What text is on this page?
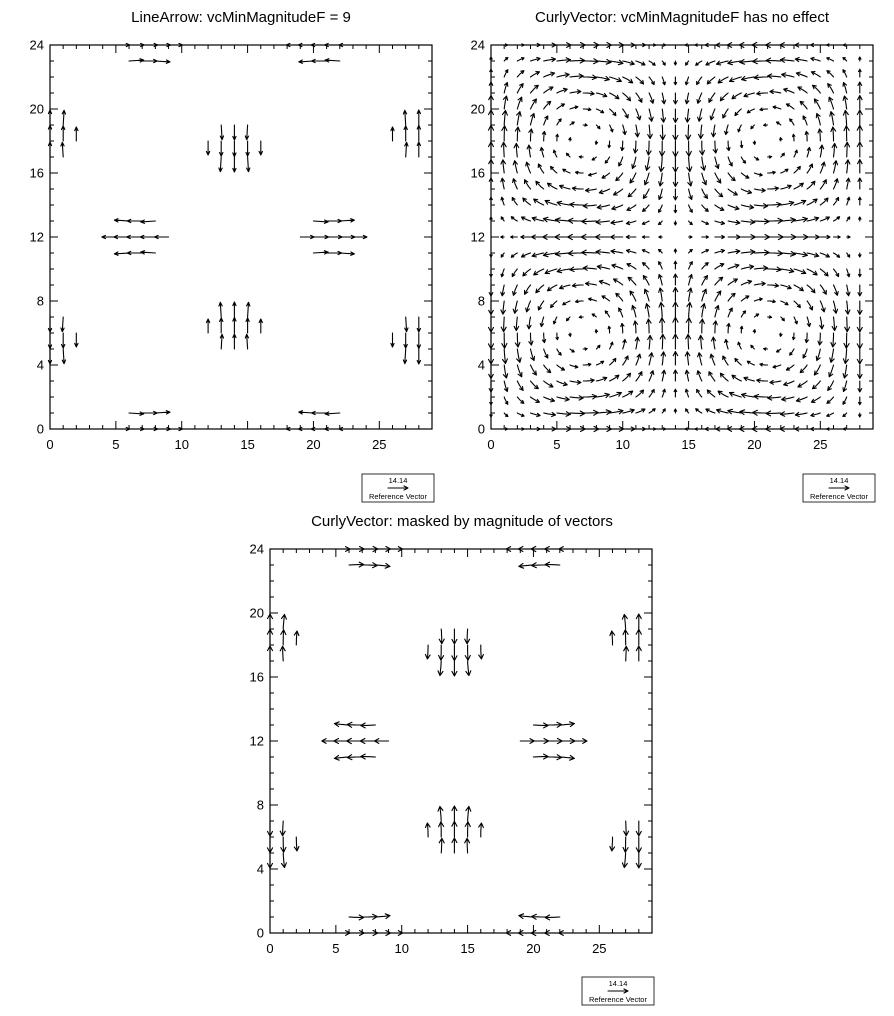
LineArrow: vcMinMagnitudeF = 9
0	5	10	15	20	25
0
4
8
12
16
20
24
14.14
Reference Vector
CurlyVector: vcMinMagnitudeF has no effect
0	5	10	15	20	25
0
4
8
12
16
20
24
14.14
Reference Vector
CurlyVector: masked by magnitude of vectors
0	5	10	15	20	25
0
4
8
12
16
20
24
14.14
Reference Vector
